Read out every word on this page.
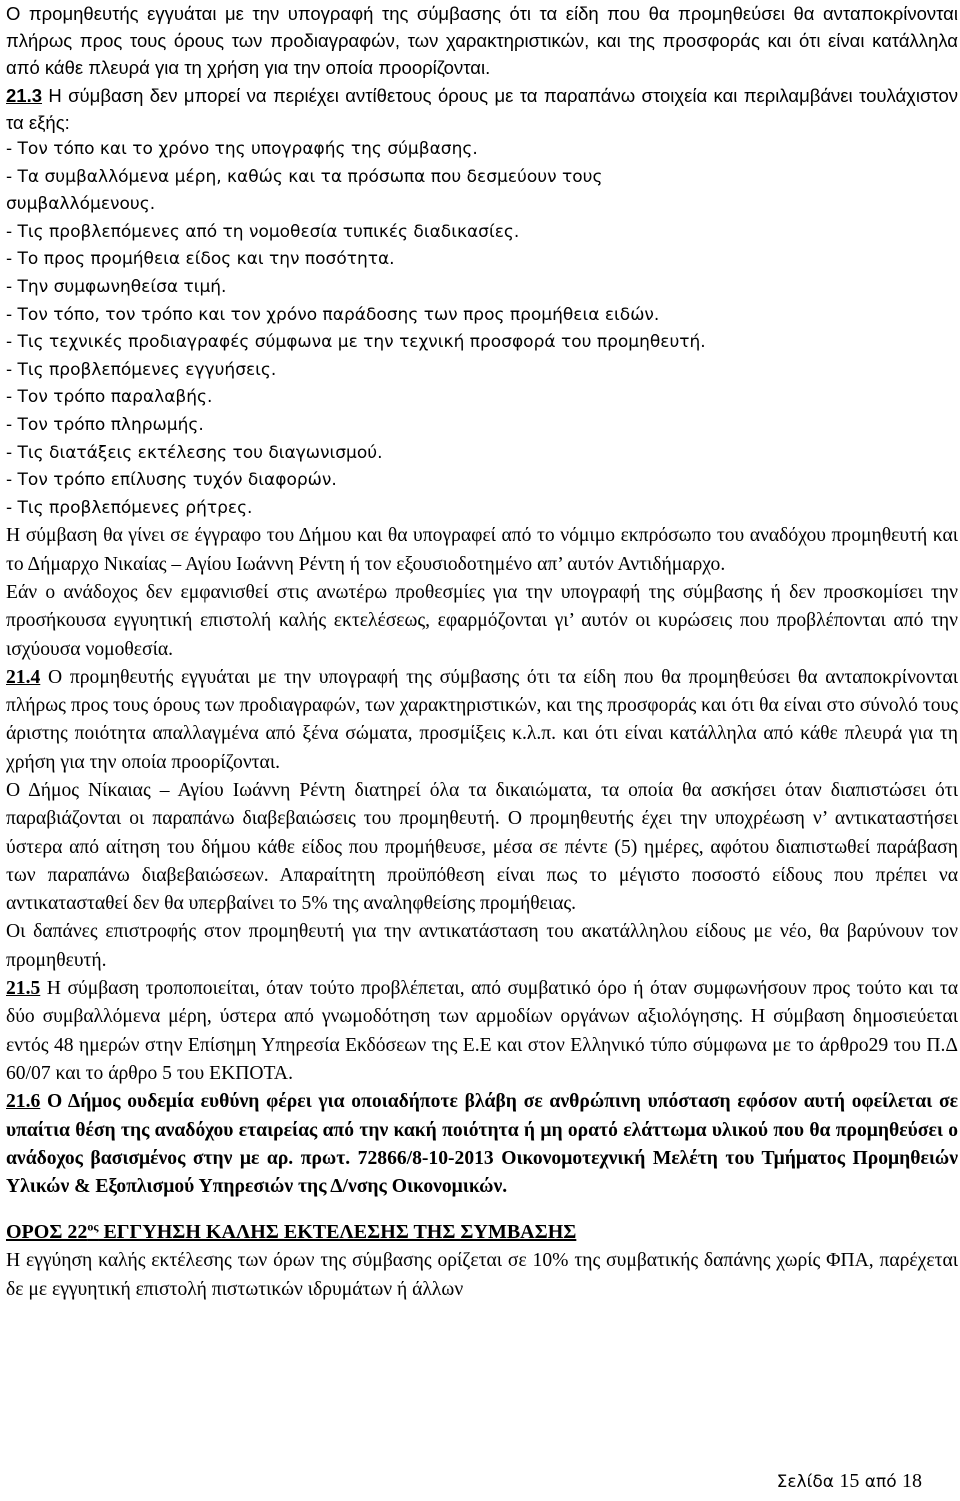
Ο προμηθευτής εγγυάται με την υπογραφή της σύμβασης ότι τα είδη που θα προμηθεύσει θα ανταποκρίνονται πλήρως προς τους όρους των προδιαγραφών, των χαρακτηριστικών, και της προσφοράς και ότι είναι κατάλληλα από κάθε πλευρά για τη χρήση για την οποία προορίζονται.

21.3 Η σύμβαση δεν μπορεί να περιέχει αντίθετους όρους με τα παραπάνω στοιχεία και περιλαμβάνει τουλάχιστον τα εξής:

- Τον τόπο και το χρόνο της υπογραφής της σύμβασης.
- Τα συμβαλλόμενα μέρη, καθώς και τα πρόσωπα που δεσμεύουν τους συμβαλλόμενους.
- Τις προβλεπόμενες από τη νομοθεσία τυπικές διαδικασίες.
- Το προς προμήθεια είδος και την ποσότητα.
- Την συμφωνηθείσα τιμή.
- Τον τόπο, τον τρόπο και τον χρόνο παράδοσης των προς προμήθεια ειδών.
- Τις τεχνικές προδιαγραφές σύμφωνα με την τεχνική προσφορά του προμηθευτή.
- Τις προβλεπόμενες εγγυήσεις.
- Τον τρόπο παραλαβής.
- Τον τρόπο πληρωμής.
- Τις διατάξεις εκτέλεσης του διαγωνισμού.
- Τον τρόπο επίλυσης τυχόν διαφορών.
- Τις προβλεπόμενες ρήτρες.

Η σύμβαση θα γίνει σε έγγραφο του Δήμου και θα υπογραφεί από το νόμιμο εκπρόσωπο του αναδόχου προμηθευτή και το Δήμαρχο Νικαίας – Αγίου Ιωάννη Ρέντη ή τον εξουσιοδοτημένο απ’ αυτόν Αντιδήμαρχο.

Εάν ο ανάδοχος δεν εμφανισθεί στις ανωτέρω προθεσμίες για την υπογραφή της σύμβασης ή δεν προσκομίσει την προσήκουσα εγγυητική επιστολή καλής εκτελέσεως, εφαρμόζονται γι’ αυτόν οι κυρώσεις που προβλέπονται από την ισχύουσα νομοθεσία.

21.4 Ο προμηθευτής εγγυάται με την υπογραφή της σύμβασης ότι τα είδη που θα προμηθεύσει θα ανταποκρίνονται πλήρως προς τους όρους των προδιαγραφών, των χαρακτηριστικών, και της προσφοράς και ότι θα είναι στο σύνολό τους άριστης ποιότητα απαλλαγμένα από ξένα σώματα, προσμίξεις κ.λ.π. και ότι είναι κατάλληλα από κάθε πλευρά για τη χρήση για την οποία προορίζονται.

Ο Δήμος Νίκαιας – Αγίου Ιωάννη Ρέντη διατηρεί όλα τα δικαιώματα, τα οποία θα ασκήσει όταν διαπιστώσει ότι παραβιάζονται οι παραπάνω διαβεβαιώσεις του προμηθευτή. Ο προμηθευτής έχει την υποχρέωση ν’ αντικαταστήσει ύστερα από αίτηση του δήμου κάθε είδος που προμήθευσε, μέσα σε πέντε (5) ημέρες, αφότου διαπιστωθεί παράβαση των παραπάνω διαβεβαιώσεων. Απαραίτητη προϋπόθεση είναι πως το μέγιστο ποσοστό είδους που πρέπει να αντικατασταθεί δεν θα υπερβαίνει το 5% της αναληφθείσης προμήθειας.

Οι δαπάνες επιστροφής στον προμηθευτή για την αντικατάσταση του ακατάλληλου είδους με νέο, θα βαρύνουν τον προμηθευτή.

21.5 Η σύμβαση τροποποιείται, όταν τούτο προβλέπεται, από συμβατικό όρο ή όταν συμφωνήσουν προς τούτο και τα δύο συμβαλλόμενα μέρη, ύστερα από γνωμοδότηση των αρμοδίων οργάνων αξιολόγησης. Η σύμβαση δημοσιεύεται εντός 48 ημερών στην Επίσημη Υπηρεσία Εκδόσεων της Ε.Ε και στον Ελληνικό τύπο σύμφωνα με το άρθρο29 του Π.Δ 60/07 και το άρθρο 5 του ΕΚΠΟΤΑ.

21.6 Ο Δήμος ουδεμία ευθύνη φέρει για οποιαδήποτε βλάβη σε ανθρώπινη υπόσταση εφόσον αυτή οφείλεται σε υπαίτια θέση της αναδόχου εταιρείας από την κακή ποιότητα ή μη ορατό ελάττωμα υλικού που θα προμηθεύσει ο ανάδοχος βασισμένος στην με αρ. πρωτ. 72866/8-10-2013 Οικονομοτεχνική Μελέτη του Τμήματος Προμηθειών Υλικών & Εξοπλισμού Υπηρεσιών της Δ/νσης Οικονομικών.

ΟΡΟΣ $22^{o\varsigma}$ ΕΓΓΥΗΣΗ ΚΑΛΗΣ ΕΚΤΕΛΕΣΗΣ ΤΗΣ ΣΥΜΒΑΣΗΣ

Η εγγύηση καλής εκτέλεσης των όρων της σύμβασης ορίζεται σε 10% της συμβατικής δαπάνης χωρίς ΦΠΑ, παρέχεται δε με εγγυητική επιστολή πιστωτικών ιδρυμάτων ή άλλων

Σελίδα 15 από 18
